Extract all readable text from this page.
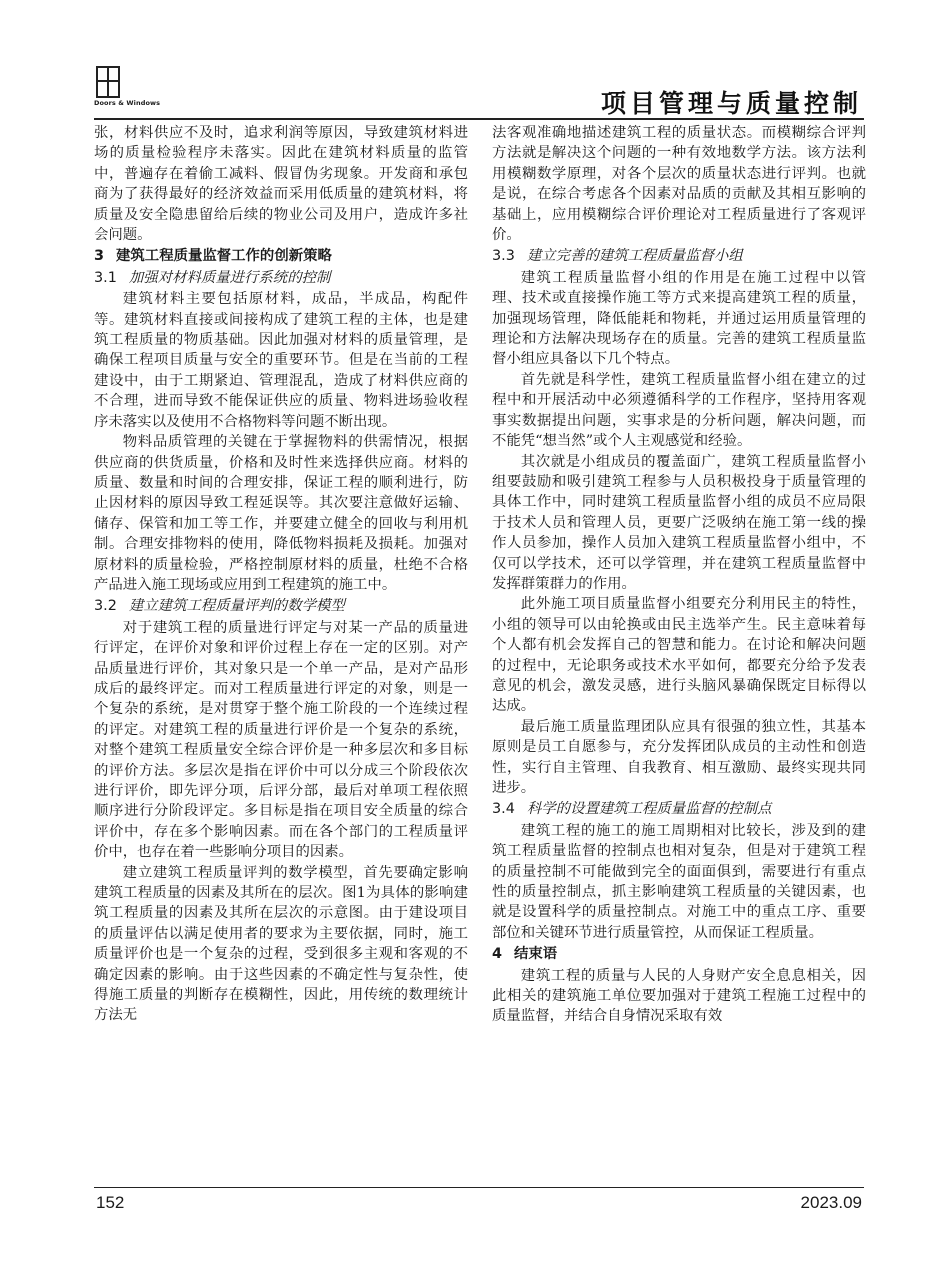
Doors & Windows	项目管理与质量控制

张，材料供应不及时，追求利润等原因，导致建筑材料进场的质量检验程序未落实。因此在建筑材料质量的监管中，普遍存在着偷工减料、假冒伪劣现象。开发商和承包商为了获得最好的经济效益而采用低质量的建筑材料，将质量及安全隐患留给后续的物业公司及用户，造成许多社会问题。

3 建筑工程质量监督工作的创新策略
3.1 加强对材料质量进行系统的控制

建筑材料主要包括原材料，成品，半成品，构配件等。建筑材料直接或间接构成了建筑工程的主体，也是建筑工程质量的物质基础。因此加强对材料的质量管理，是确保工程项目质量与安全的重要环节。但是在当前的工程建设中，由于工期紧迫、管理混乱，造成了材料供应商的不合理，进而导致不能保证供应的质量、物料进场验收程序未落实以及使用不合格物料等问题不断出现。

物料品质管理的关键在于掌握物料的供需情况，根据供应商的供货质量，价格和及时性来选择供应商。材料的质量、数量和时间的合理安排，保证工程的顺利进行，防止因材料的原因导致工程延误等。其次要注意做好运输、储存、保管和加工等工作，并要建立健全的回收与利用机制。合理安排物料的使用，降低物料损耗及损耗。加强对原材料的质量检验，严格控制原材料的质量，杜绝不合格产品进入施工现场或应用到工程建筑的施工中。

3.2 建立建筑工程质量评判的数学模型

对于建筑工程的质量进行评定与对某一产品的质量进行评定，在评价对象和评价过程上存在一定的区别。对产品质量进行评价，其对象只是一个单一产品，是对产品形成后的最终评定。而对工程质量进行评定的对象，则是一个复杂的系统，是对贯穿于整个施工阶段的一个连续过程的评定。对建筑工程的质量进行评价是一个复杂的系统，对整个建筑工程质量安全综合评价是一种多层次和多目标的评价方法。多层次是指在评价中可以分成三个阶段依次进行评价，即先评分项，后评分部，最后对单项工程依照顺序进行分阶段评定。多目标是指在项目安全质量的综合评价中，存在多个影响因素。而在各个部门的工程质量评价中，也存在着一些影响分项目的因素。

建立建筑工程质量评判的数学模型，首先要确定影响建筑工程质量的因素及其所在的层次。图1为具体的影响建筑工程质量的因素及其所在层次的示意图。由于建设项目的质量评估以满足使用者的要求为主要依据，同时，施工质量评价也是一个复杂的过程，受到很多主观和客观的不确定因素的影响。由于这些因素的不确定性与复杂性，使得施工质量的判断存在模糊性，因此，用传统的数理统计方法无

法客观准确地描述建筑工程的质量状态。而模糊综合评判方法就是解决这个问题的一种有效地数学方法。该方法利用模糊数学原理，对各个层次的质量状态进行评判。也就是说，在综合考虑各个因素对品质的贡献及其相互影响的基础上，应用模糊综合评价理论对工程质量进行了客观评价。

3.3 建立完善的建筑工程质量监督小组

建筑工程质量监督小组的作用是在施工过程中以管理、技术或直接操作施工等方式来提高建筑工程的质量，加强现场管理，降低能耗和物耗，并通过运用质量管理的理论和方法解决现场存在的质量。完善的建筑工程质量监督小组应具备以下几个特点。

首先就是科学性，建筑工程质量监督小组在建立的过程中和开展活动中必须遵循科学的工作程序，坚持用客观事实数据提出问题，实事求是的分析问题，解决问题，而不能凭“想当然”或个人主观感觉和经验。

其次就是小组成员的覆盖面广，建筑工程质量监督小组要鼓励和吸引建筑工程参与人员积极投身于质量管理的具体工作中，同时建筑工程质量监督小组的成员不应局限于技术人员和管理人员，更要广泛吸纳在施工第一线的操作人员参加，操作人员加入建筑工程质量监督小组中，不仅可以学技术，还可以学管理，并在建筑工程质量监督中发挥群策群力的作用。

此外施工项目质量监督小组要充分利用民主的特性，小组的领导可以由轮换或由民主选举产生。民主意味着每个人都有机会发挥自己的智慧和能力。在讨论和解决问题的过程中，无论职务或技术水平如何，都要充分给予发表意见的机会，激发灵感，进行头脑风暴确保既定目标得以达成。

最后施工质量监理团队应具有很强的独立性，其基本原则是员工自愿参与，充分发挥团队成员的主动性和创造性，实行自主管理、自我教育、相互激励、最终实现共同进步。

3.4 科学的设置建筑工程质量监督的控制点

建筑工程的施工的施工周期相对比较长，涉及到的建筑工程质量监督的控制点也相对复杂，但是对于建筑工程的质量控制不可能做到完全的面面俱到，需要进行有重点性的质量控制点，抓主影响建筑工程质量的关键因素，也就是设置科学的质量控制点。对施工中的重点工序、重要部位和关键环节进行质量管控，从而保证工程质量。

4 结束语

建筑工程的质量与人民的人身财产安全息息相关，因此相关的建筑施工单位要加强对于建筑工程施工过程中的质量监督，并结合自身情况采取有效

152	2023.09
